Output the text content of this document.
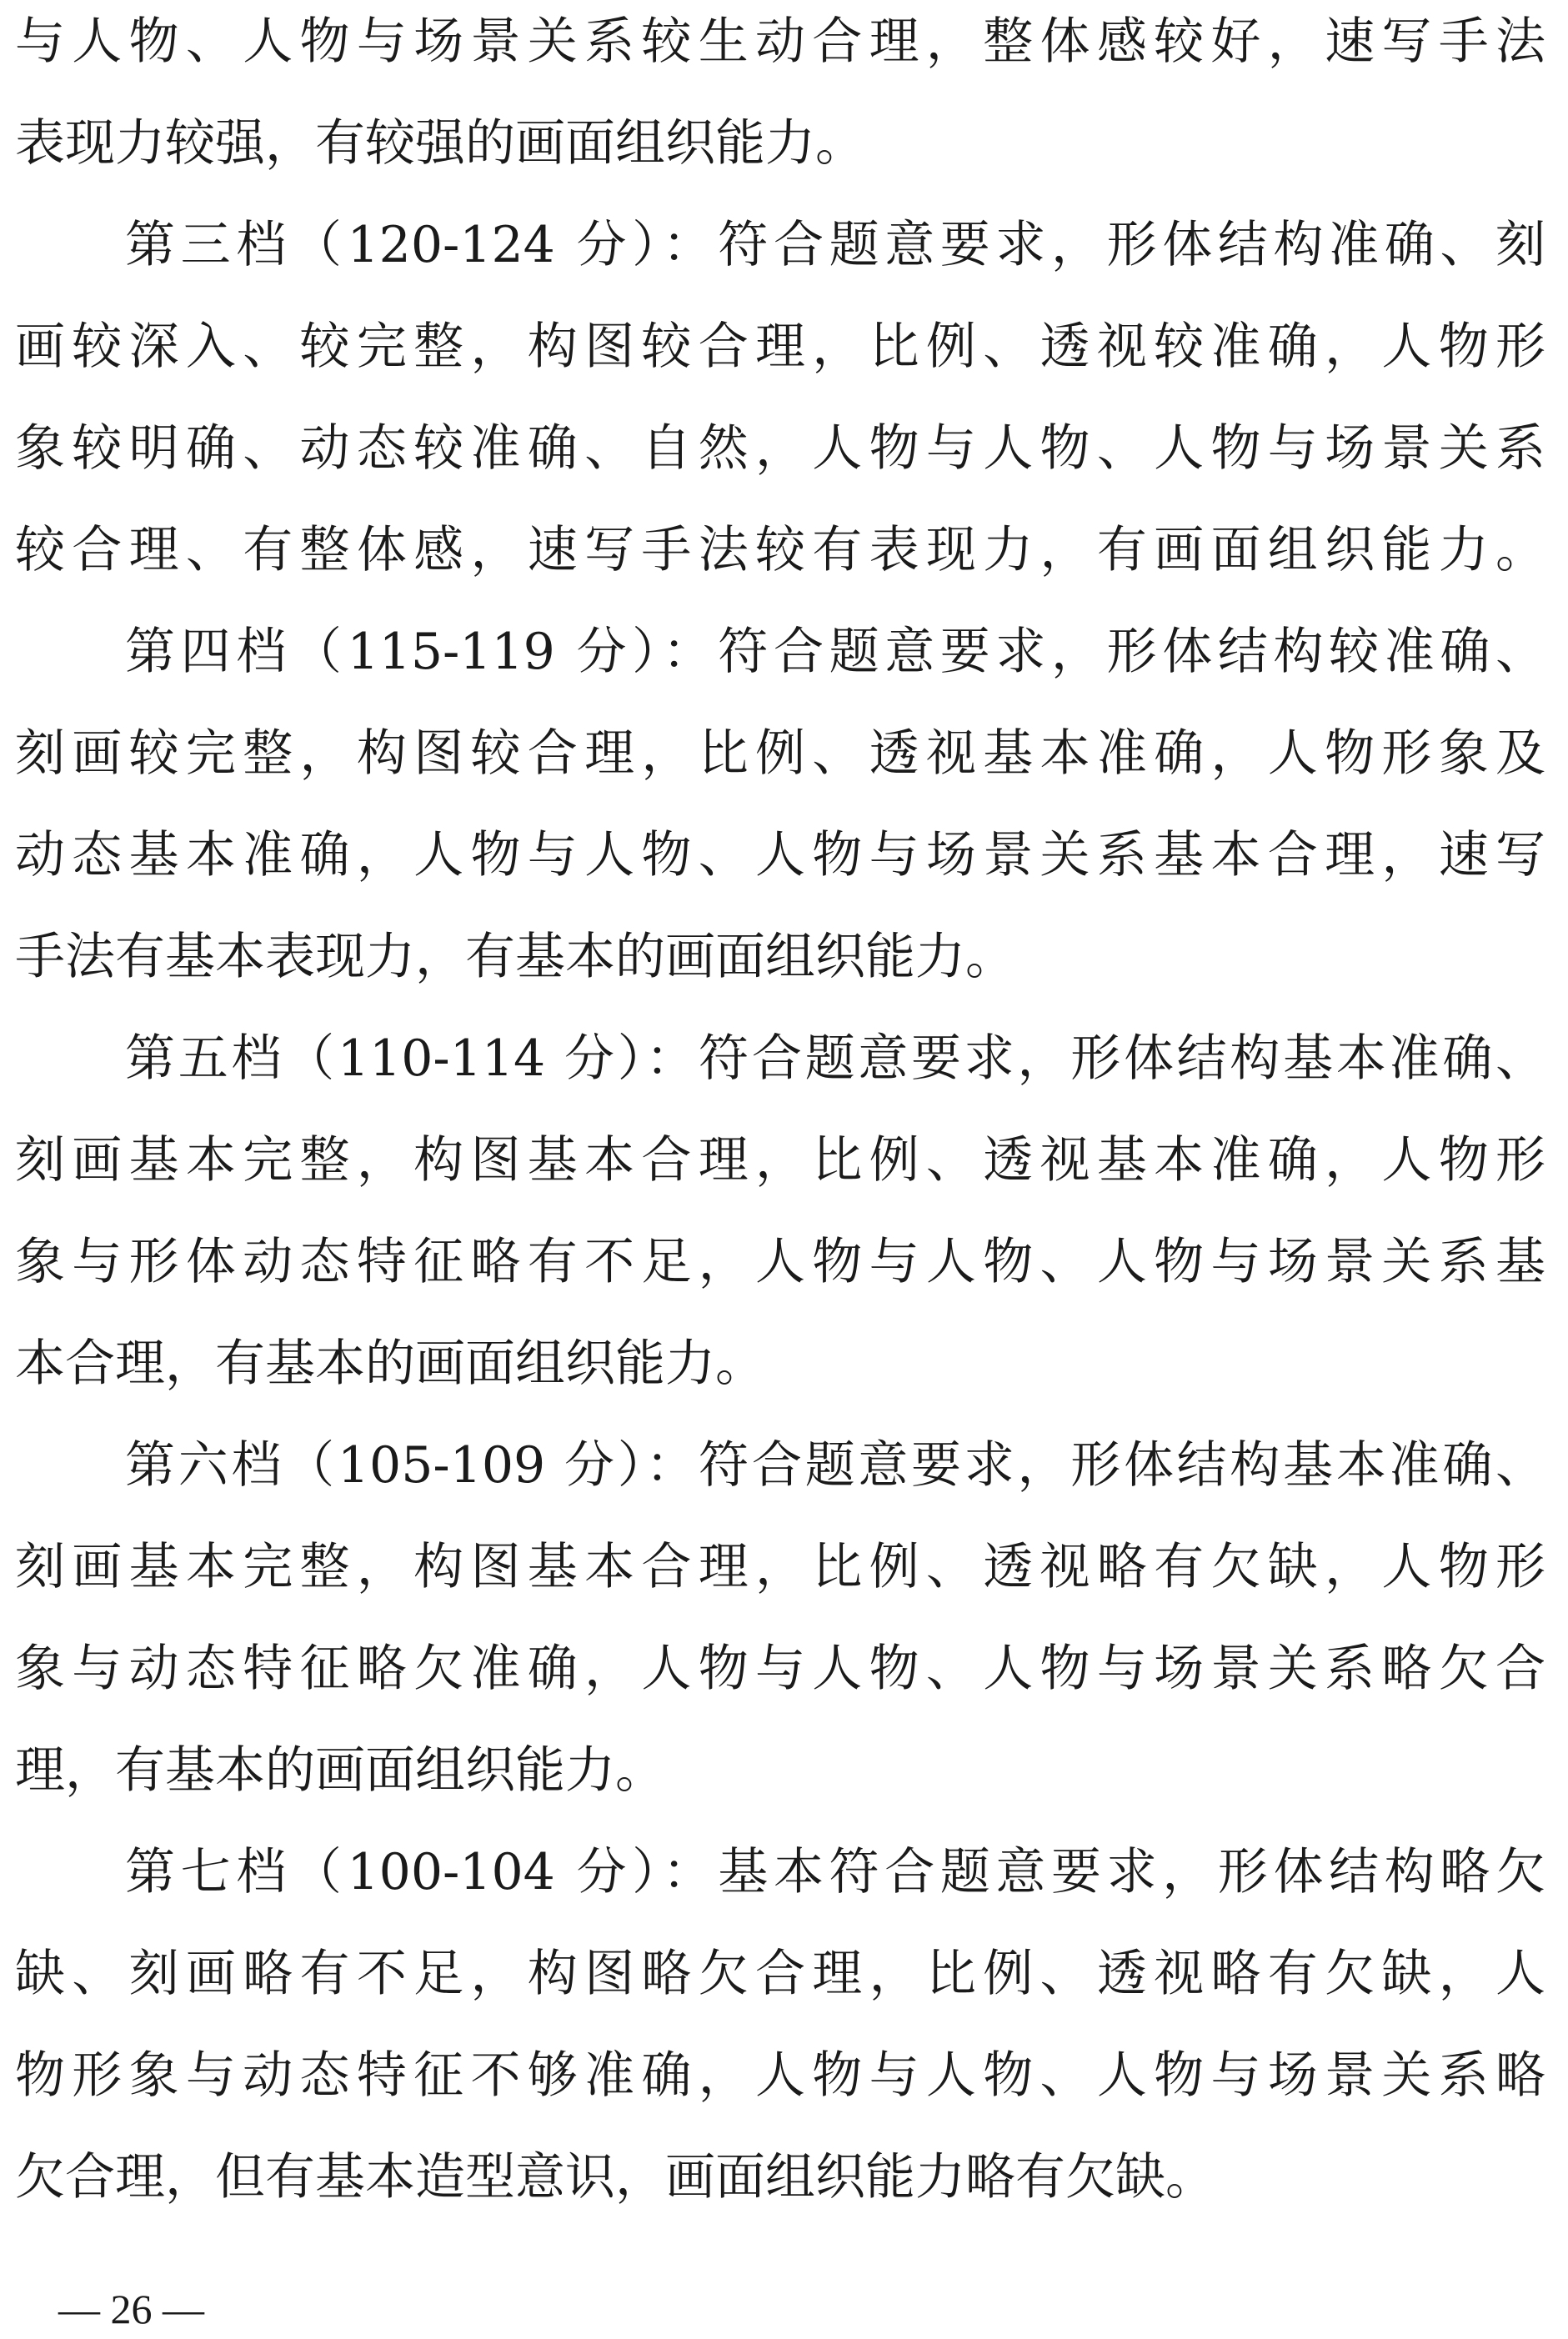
与人物、人物与场景关系较生动合理，整体感较好，速写手法
表现力较强，有较强的画面组织能力。
第三档（120-124 分）：符合题意要求，形体结构准确、刻
画较深入、较完整，构图较合理，比例、透视较准确，人物形
象较明确、动态较准确、自然，人物与人物、人物与场景关系
较合理、有整体感，速写手法较有表现力，有画面组织能力。
第四档（115-119 分）：符合题意要求，形体结构较准确、
刻画较完整，构图较合理，比例、透视基本准确，人物形象及
动态基本准确，人物与人物、人物与场景关系基本合理，速写
手法有基本表现力，有基本的画面组织能力。
第五档（110-114 分）：符合题意要求，形体结构基本准确、
刻画基本完整，构图基本合理，比例、透视基本准确，人物形
象与形体动态特征略有不足，人物与人物、人物与场景关系基
本合理，有基本的画面组织能力。
第六档（105-109 分）：符合题意要求，形体结构基本准确、
刻画基本完整，构图基本合理，比例、透视略有欠缺，人物形
象与动态特征略欠准确，人物与人物、人物与场景关系略欠合
理，有基本的画面组织能力。
第七档（100-104 分）：基本符合题意要求，形体结构略欠
缺、刻画略有不足，构图略欠合理，比例、透视略有欠缺，人
物形象与动态特征不够准确，人物与人物、人物与场景关系略
欠合理，但有基本造型意识，画面组织能力略有欠缺。
— 26 —
